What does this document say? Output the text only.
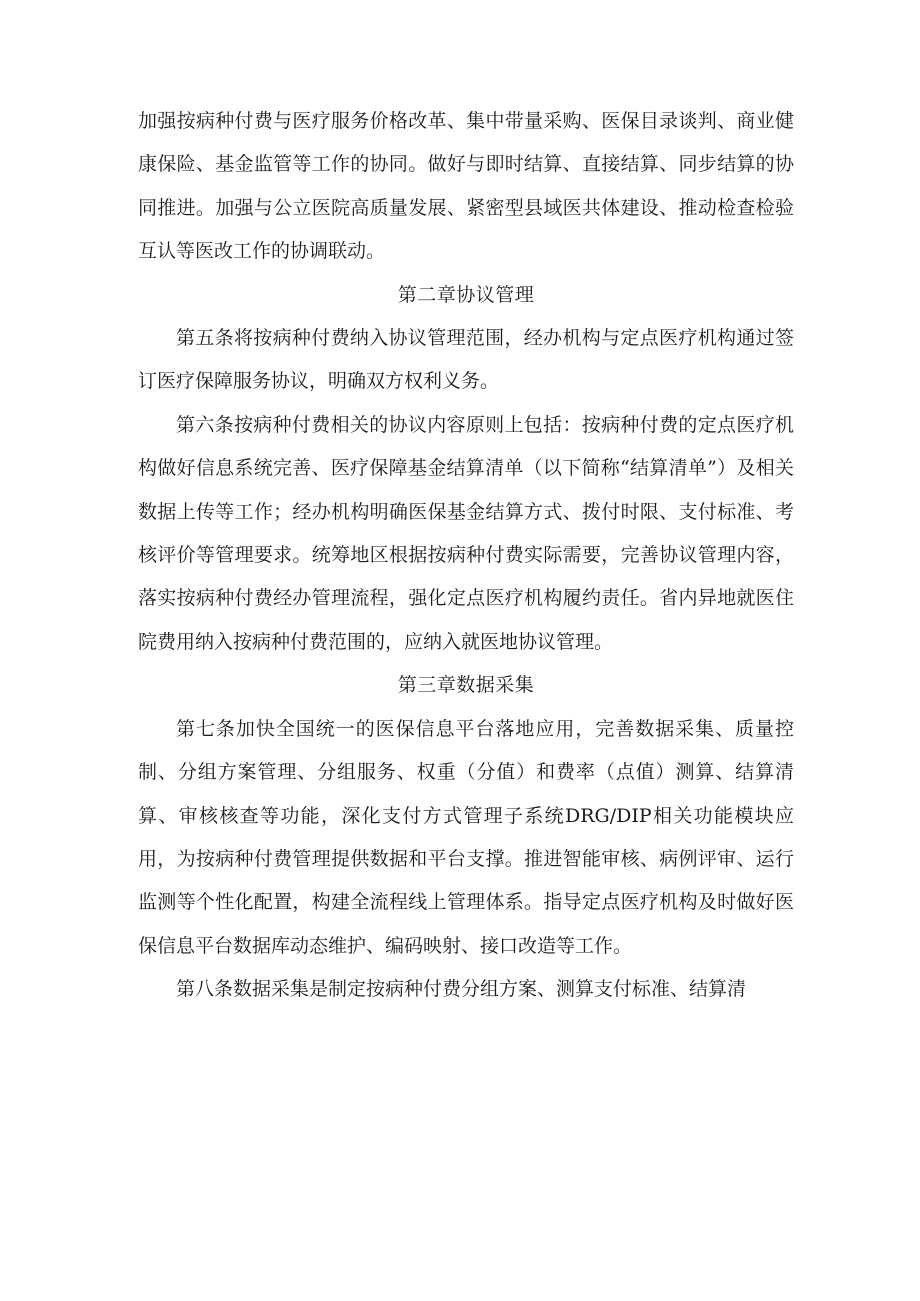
加强按病种付费与医疗服务价格改革、集中带量采购、医保目录谈判、商业健康保险、基金监管等工作的协同。做好与即时结算、直接结算、同步结算的协同推进。加强与公立医院高质量发展、紧密型县域医共体建设、推动检查检验互认等医改工作的协调联动。

第二章协议管理

第五条将按病种付费纳入协议管理范围，经办机构与定点医疗机构通过签订医疗保障服务协议，明确双方权利义务。

第六条按病种付费相关的协议内容原则上包括：按病种付费的定点医疗机构做好信息系统完善、医疗保障基金结算清单（以下简称“结算清单”）及相关数据上传等工作；经办机构明确医保基金结算方式、拨付时限、支付标准、考核评价等管理要求。统筹地区根据按病种付费实际需要，完善协议管理内容，落实按病种付费经办管理流程，强化定点医疗机构履约责任。省内异地就医住院费用纳入按病种付费范围的，应纳入就医地协议管理。

第三章数据采集

第七条加快全国统一的医保信息平台落地应用，完善数据采集、质量控制、分组方案管理、分组服务、权重（分值）和费率（点值）测算、结算清算、审核核查等功能，深化支付方式管理子系统DRG/DIP相关功能模块应用，为按病种付费管理提供数据和平台支撑。推进智能审核、病例评审、运行监测等个性化配置，构建全流程线上管理体系。指导定点医疗机构及时做好医保信息平台数据库动态维护、编码映射、接口改造等工作。

第八条数据采集是制定按病种付费分组方案、测算支付标准、结算清
